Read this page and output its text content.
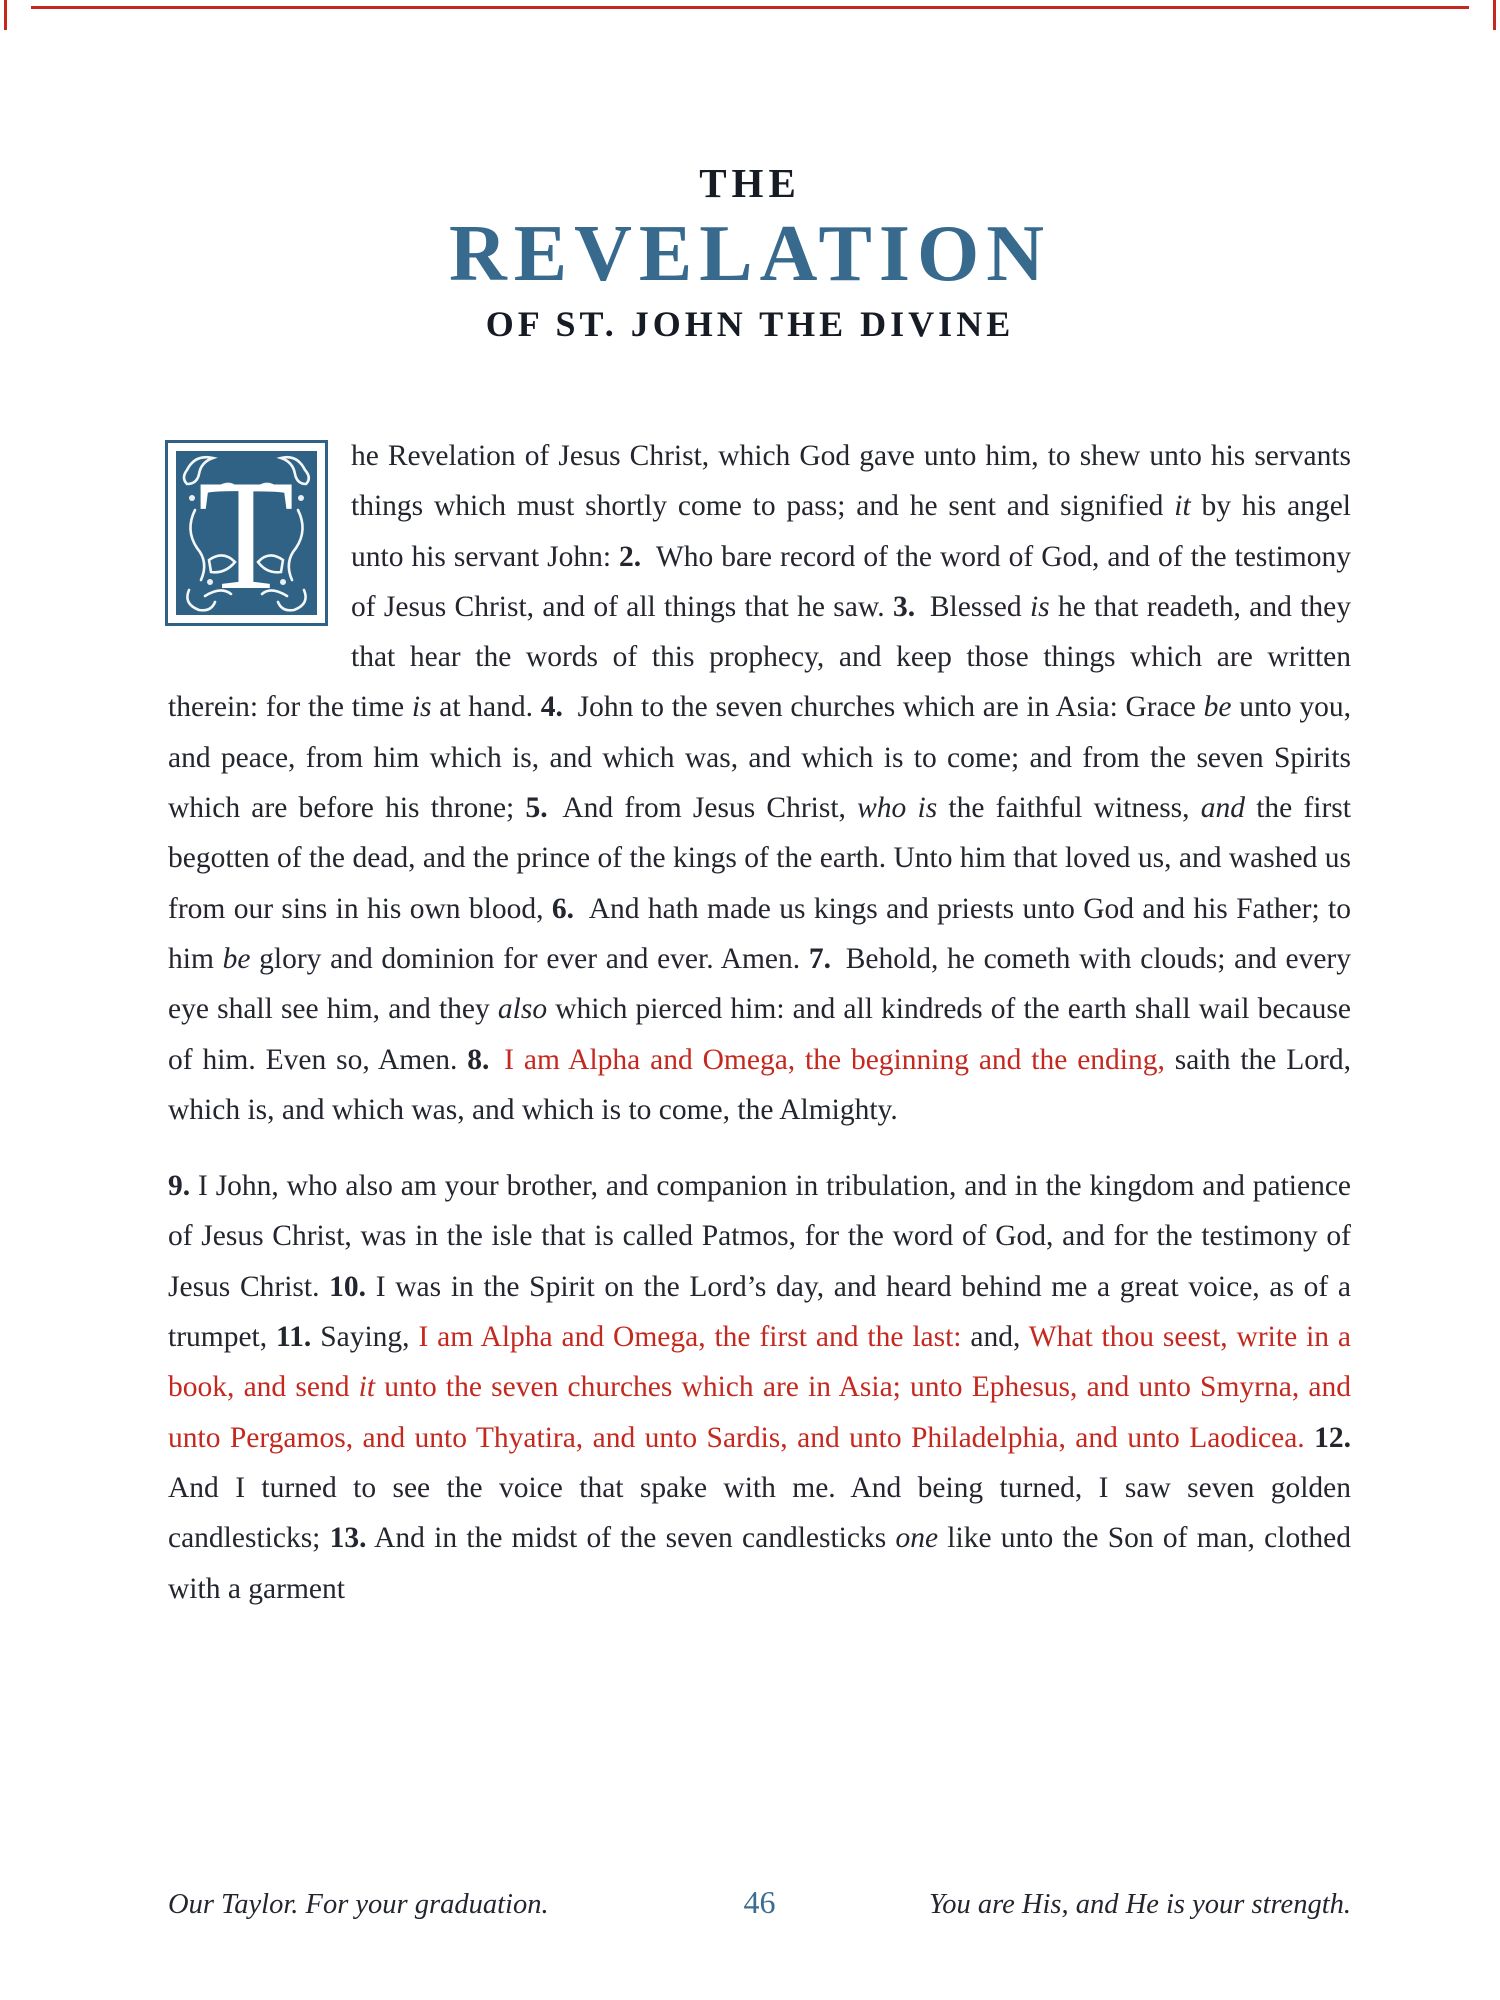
THE
REVELATION
OF ST. JOHN THE DIVINE

T he Revelation of Jesus Christ, which God gave unto him, to shew unto his servants things which must shortly come to pass; and he sent and signified it by his angel unto his servant John: 2. Who bare record of the word of God, and of the testimony of Jesus Christ, and of all things that he saw. 3. Blessed is he that readeth, and they that hear the words of this prophecy, and keep those things which are written therein: for the time is at hand. 4. John to the seven churches which are in Asia: Grace be unto you, and peace, from him which is, and which was, and which is to come; and from the seven Spirits which are before his throne; 5. And from Jesus Christ, who is the faithful witness, and the first begotten of the dead, and the prince of the kings of the earth. Unto him that loved us, and washed us from our sins in his own blood, 6. And hath made us kings and priests unto God and his Father; to him be glory and dominion for ever and ever. Amen. 7. Behold, he cometh with clouds; and every eye shall see him, and they also which pierced him: and all kindreds of the earth shall wail because of him. Even so, Amen. 8.  I am Alpha and Omega, the beginning and the ending, saith the Lord, which is, and which was, and which is to come, the Almighty.

9. I John, who also am your brother, and companion in tribulation, and in the kingdom and patience of Jesus Christ, was in the isle that is called Patmos, for the word of God, and for the testimony of Jesus Christ. 10. I was in the Spirit on the Lord’s day, and heard behind me a great voice, as of a trumpet, 11. Saying, I am Alpha and Omega, the first and the last: and, What thou seest, write in a book, and send it unto the seven churches which are in Asia; unto Ephesus, and unto Smyrna, and unto Pergamos, and unto Thyatira, and unto Sardis, and unto Philadelphia, and unto Laodicea. 12. And I turned to see the voice that spake with me. And being turned, I saw seven golden candlesticks; 13. And in the midst of the seven candlesticks one like unto the Son of man, clothed with a garment

Our Taylor. For your graduation.	46	You are His, and He is your strength.
